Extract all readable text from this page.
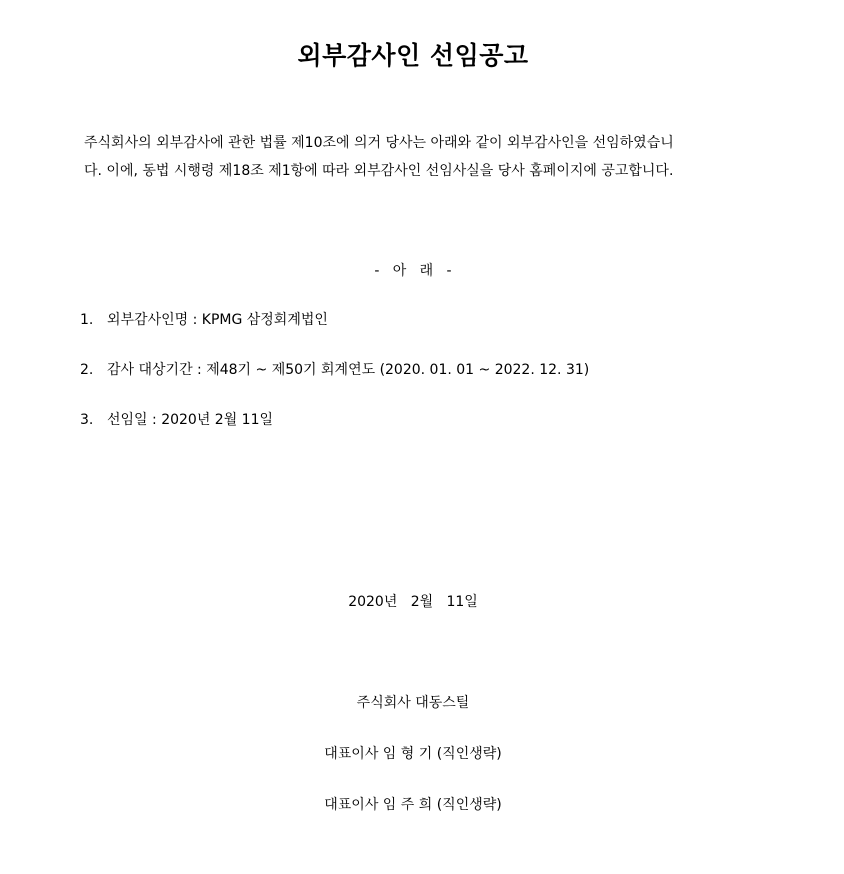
외부감사인 선임공고

주식회사의 외부감사에 관한 법률 제10조에 의거 당사는 아래와 같이 외부감사인을 선임하였습니

다. 이에, 동법 시행령 제18조 제1항에 따라 외부감사인 선임사실을 당사 홈페이지에 공고합니다.

-   아   래   -
1. 외부감사인명 : KPMG 삼정회계법인
2. 감사 대상기간 : 제48기 ~ 제50기 회계연도 (2020. 01. 01 ~ 2022. 12. 31)
3. 선임일 : 2020년 2월 11일
2020년   2월   11일
주식회사 대동스틸
대표이사 임 형 기 (직인생략)
대표이사 임 주 희 (직인생략)
